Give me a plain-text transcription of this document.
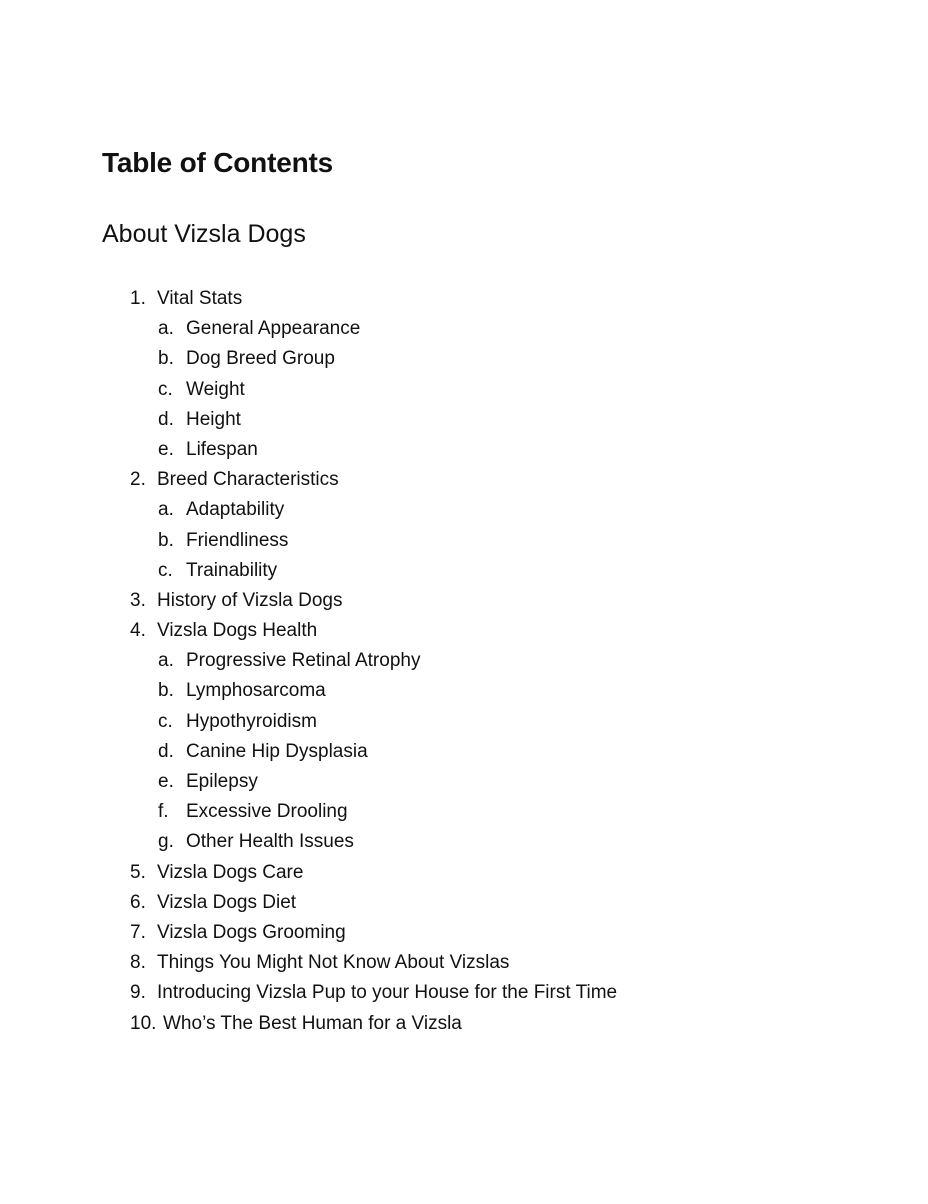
Table of Contents
About Vizsla Dogs
1. Vital Stats
a. General Appearance
b. Dog Breed Group
c. Weight
d. Height
e. Lifespan
2. Breed Characteristics
a. Adaptability
b. Friendliness
c. Trainability
3. History of Vizsla Dogs
4. Vizsla Dogs Health
a. Progressive Retinal Atrophy
b. Lymphosarcoma
c. Hypothyroidism
d. Canine Hip Dysplasia
e. Epilepsy
f. Excessive Drooling
g. Other Health Issues
5. Vizsla Dogs Care
6. Vizsla Dogs Diet
7. Vizsla Dogs Grooming
8. Things You Might Not Know About Vizslas
9. Introducing Vizsla Pup to your House for the First Time
10. Who’s The Best Human for a Vizsla
